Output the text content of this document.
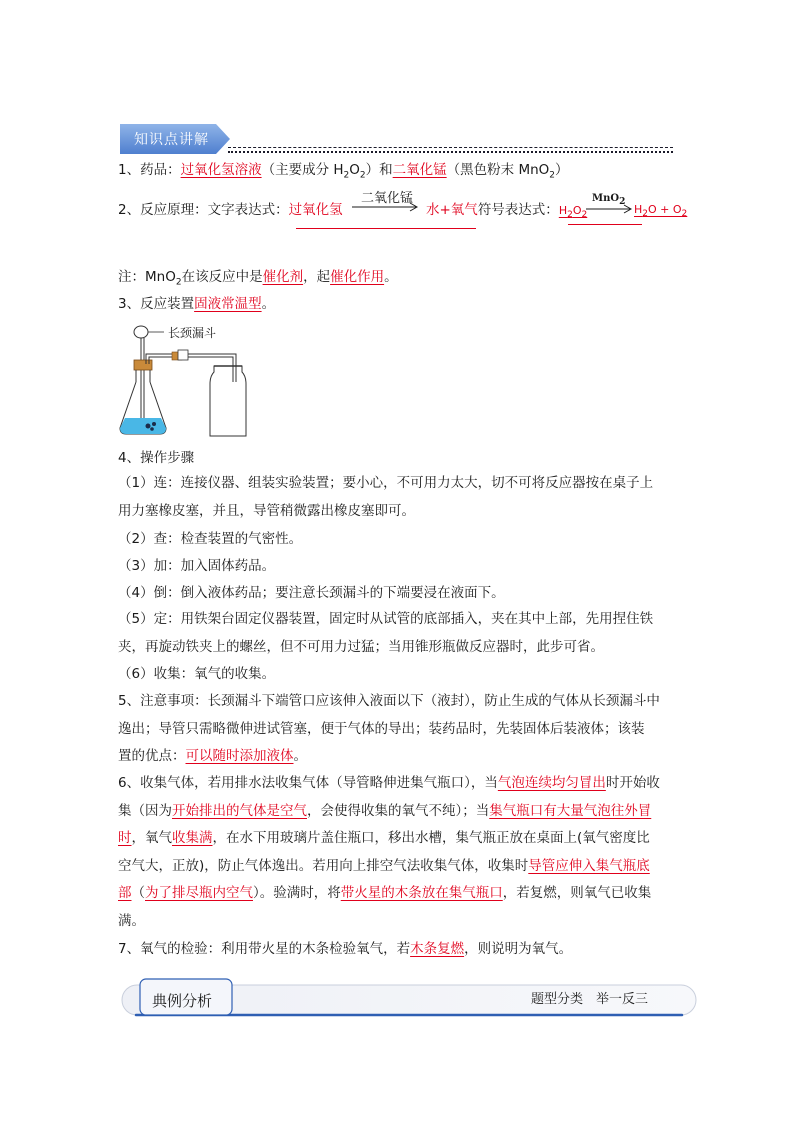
知识点讲解
1、药品：过氧化氢溶液（主要成分 $H_2O_2$）和二氧化锰（黑色粉末 MnO$_2$）
2、反应原理：文字表达式：过氧化氢
二氧化锰
水+氧气符号表达式：$H_2O_2$
MnO$_2$
$H_2O + O_2$
注：MnO$_2$在该反应中是催化剂，起催化作用。
3、反应装置固液常温型。
长颈漏斗
4、操作步骤
（1）连：连接仪器、组装实验装置；要小心，不可用力太大，切不可将反应器按在桌子上
用力塞橡皮塞，并且，导管稍微露出橡皮塞即可。
（2）查：检查装置的气密性。
（3）加：加入固体药品。
（4）倒：倒入液体药品；要注意长颈漏斗的下端要浸在液面下。
（5）定：用铁架台固定仪器装置，固定时从试管的底部插入，夹在其中上部，先用捏住铁
夹，再旋动铁夹上的螺丝，但不可用力过猛；当用锥形瓶做反应器时，此步可省。
（6）收集：氧气的收集。
5、注意事项：长颈漏斗下端管口应该伸入液面以下（液封），防止生成的气体从长颈漏斗中
逸出；导管只需略微伸进试管塞，便于气体的导出；装药品时，先装固体后装液体；该装
置的优点：可以随时添加液体。
6、收集气体，若用排水法收集气体（导管略伸进集气瓶口），当气泡连续均匀冒出时开始收
集（因为开始排出的气体是空气，会使得收集的氧气不纯）；当集气瓶口有大量气泡往外冒
时，氧气收集满，在水下用玻璃片盖住瓶口，移出水槽，集气瓶正放在桌面上(氧气密度比
空气大，正放)，防止气体逸出。若用向上排空气法收集气体，收集时导管应伸入集气瓶底
部（为了排尽瓶内空气）。验满时，将带火星的木条放在集气瓶口，若复燃，则氧气已收集
满。
7、氧气的检验：利用带火星的木条检验氧气，若木条复燃，则说明为氧气。
典例分析	题型分类　举一反三
